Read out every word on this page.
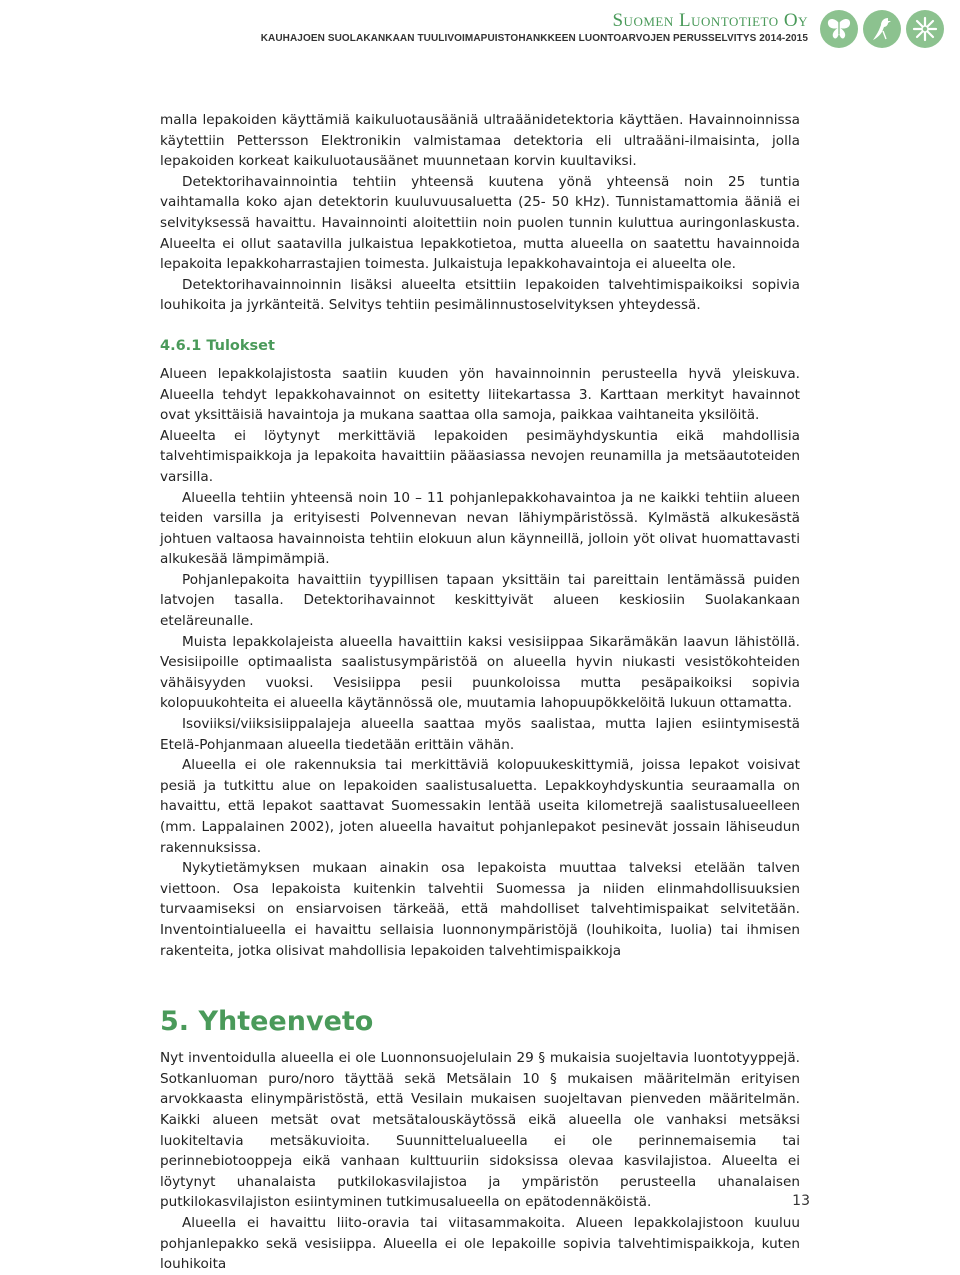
Suomen Luontotieto Oy
KAUHAJOEN SUOLAKANKAAN TUULIVOIMAPUISTOHANKKEEN LUONTOARVOJEN PERUSSELVITYS 2014-2015

malla lepakoiden käyttämiä kaikuluotausääniä ultraäänidetektoria käyttäen. Havainnoinnissa käytettiin Pettersson Elektronikin valmistamaa detektoria eli ultraääni-ilmaisinta, jolla lepakoiden korkeat kaikuluotausäänet muunnetaan korvin kuultaviksi.

Detektorihavainnointia tehtiin yhteensä kuutena yönä yhteensä noin 25 tuntia vaihtamalla koko ajan detektorin kuuluvuusaluetta (25- 50 kHz). Tunnistamattomia ääniä ei selvityksessä havaittu. Havainnointi aloitettiin noin puolen tunnin kuluttua auringonlaskusta. Alueelta ei ollut saatavilla julkaistua lepakkotietoa, mutta alueella on saatettu havainnoida lepakoita lepakkoharrastajien toimesta. Julkaistuja lepakkohavaintoja ei alueelta ole.

Detektorihavainnoinnin lisäksi alueelta etsittiin lepakoiden talvehtimispaikoiksi sopivia louhikoita ja jyrkänteitä. Selvitys tehtiin pesimälinnustoselvityksen yhteydessä.

4.6.1 Tulokset

Alueen lepakkolajistosta saatiin kuuden yön havainnoinnin perusteella hyvä yleiskuva. Alueella tehdyt lepakkohavainnot on esitetty liitekartassa 3. Karttaan merkityt havainnot ovat yksittäisiä havaintoja ja mukana saattaa olla samoja, paikkaa vaihtaneita yksilöitä.

Alueelta ei löytynyt merkittäviä lepakoiden pesimäyhdyskuntia eikä mahdollisia talvehtimispaikkoja ja lepakoita havaittiin pääasiassa nevojen reunamilla ja metsäautoteiden varsilla.

Alueella tehtiin yhteensä noin 10 – 11 pohjanlepakkohavaintoa ja ne kaikki tehtiin alueen teiden varsilla ja erityisesti Polvennevan nevan lähiympäristössä. Kylmästä alkukesästä johtuen valtaosa havainnoista tehtiin elokuun alun käynneillä, jolloin yöt olivat huomattavasti alkukesää lämpimämpiä.

Pohjanlepakoita havaittiin tyypillisen tapaan yksittäin tai pareittain lentämässä puiden latvojen tasalla. Detektorihavainnot keskittyivät alueen keskiosiin Suolakankaan eteläreunalle.

Muista lepakkolajeista alueella havaittiin kaksi vesisiippaa Sikarämäkän laavun lähistöllä. Vesisiipoille optimaalista saalistusympäristöä on alueella hyvin niukasti vesistökohteiden vähäisyyden vuoksi. Vesisiippa pesii puunkoloissa mutta pesäpaikoiksi sopivia kolopuukohteita ei alueella käytännössä ole, muutamia lahopuupökkelöitä lukuun ottamatta.

Isoviiksi/viiksisiippalajeja alueella saattaa myös saalistaa, mutta lajien esiintymisestä Etelä-Pohjanmaan alueella tiedetään erittäin vähän.

Alueella ei ole rakennuksia tai merkittäviä kolopuukeskittymiä, joissa lepakot voisivat pesiä ja tutkittu alue on lepakoiden saalistusaluetta. Lepakkoyhdyskuntia seuraamalla on havaittu, että lepakot saattavat Suomessakin lentää useita kilometrejä saalistusalueelleen (mm. Lappalainen 2002), joten alueella havaitut pohjanlepakot pesinevät jossain lähiseudun rakennuksissa.

Nykytietämyksen mukaan ainakin osa lepakoista muuttaa talveksi etelään talven viettoon. Osa lepakoista kuitenkin talvehtii Suomessa ja niiden elinmahdollisuuksien turvaamiseksi on ensiarvoisen tärkeää, että mahdolliset talvehtimispaikat selvitetään. Inventointialueella ei havaittu sellaisia luonnonympäristöjä (louhikoita, luolia) tai ihmisen rakenteita, jotka olisivat mahdollisia lepakoiden talvehtimispaikkoja

5. Yhteenveto

Nyt inventoidulla alueella ei ole Luonnonsuojelulain 29 § mukaisia suojeltavia luontotyyppejä. Sotkanluoman puro/noro täyttää sekä Metsälain 10 § mukaisen määritelmän erityisen arvokkaasta elinympäristöstä, että Vesilain mukaisen suojeltavan pienveden määritelmän. Kaikki alueen metsät ovat metsätalouskäytössä eikä alueella ole vanhaksi metsäksi luokiteltavia metsäkuvioita. Suunnittelualueella ei ole perinnemaisemia tai perinnebiotooppeja eikä vanhaan kulttuuriin sidoksissa olevaa kasvilajistoa. Alueelta ei löytynyt uhanalaista putkilokasvilajistoa ja ympäristön perusteella uhanalaisen putkilokasvilajiston esiintyminen tutkimusalueella on epätodennäköistä.

Alueella ei havaittu liito-oravia tai viitasammakoita. Alueen lepakkolajistoon kuuluu pohjanlepakko sekä vesisiippa. Alueella ei ole lepakoille sopivia talvehtimispaikkoja, kuten louhikoita

13
